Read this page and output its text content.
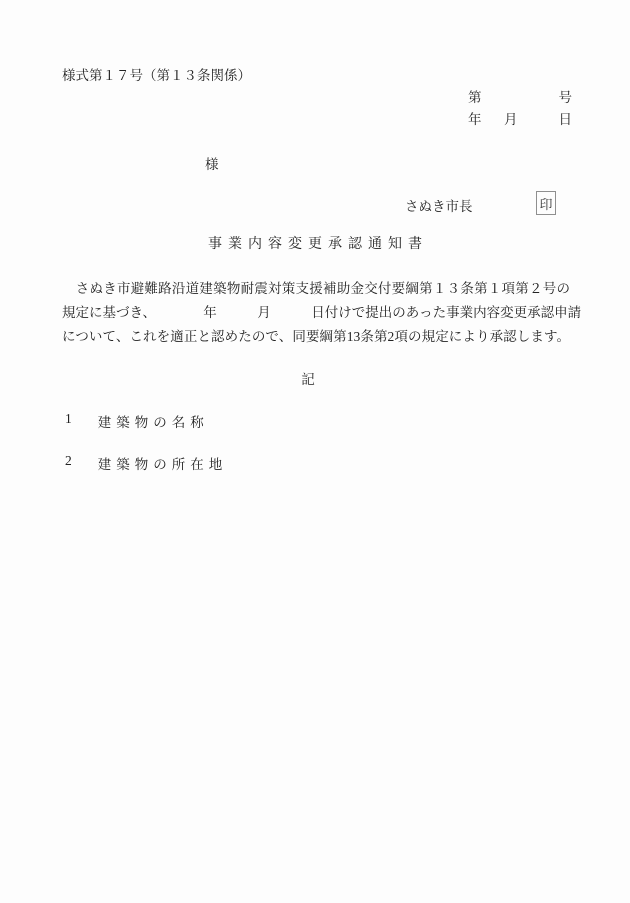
様式第１７号（第１３条関係）
第	号
年 月	日
様
さぬき市長	印
事業内容変更承認通知書
　さぬき市避難路沿道建築物耐震対策支援補助金交付要綱第１３条第１項第２号の
規定に基づき、　　　　年　　　月　　　日付けで提出のあった事業内容変更承認申請
について、これを適正と認めたので、同要綱第13条第2項の規定により承認します。
記
1 建築物の名称
2 建築物の所在地
